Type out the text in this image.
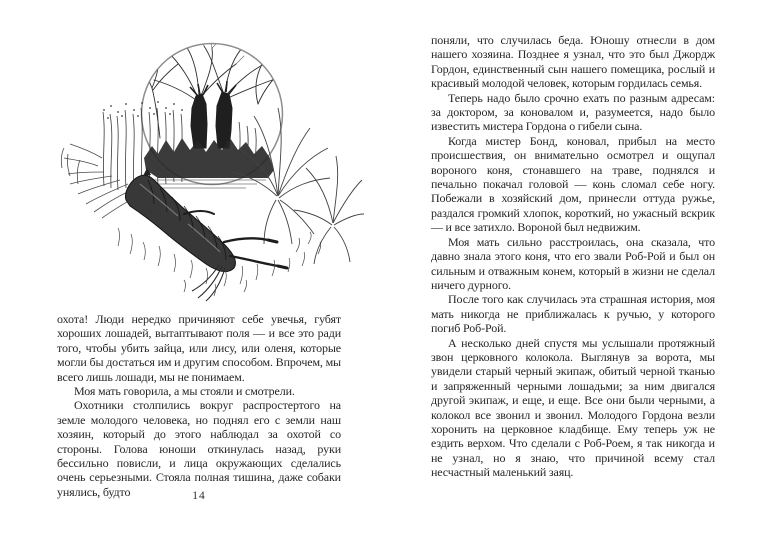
охота! Люди нередко причиняют себе увечья, губят хороших лошадей, вытаптывают поля — и все это ради того, чтобы убить зайца, или лису, или оленя, которые могли бы достаться им и другим способом. Впрочем, мы всего лишь лошади, мы не понимаем.

Моя мать говорила, а мы стояли и смотрели.

Охотники столпились вокруг распростертого на земле молодого человека, но поднял его с земли наш хозяин, который до этого наблюдал за охотой со стороны. Голова юноши откинулась назад, руки бессильно повисли, и лица окружающих сделались очень серьезными. Стояла полная тишина, даже собаки унялись, будто	14

поняли, что случилась беда. Юношу отнесли в дом нашего хозяина. Позднее я узнал, что это был Джордж Гордон, единственный сын нашего помещика, рослый и красивый молодой человек, которым гордилась семья.

Теперь надо было срочно ехать по разным адресам: за доктором, за коновалом и, разумеется, надо было известить мистера Гордона о гибели сына.

Когда мистер Бонд, коновал, прибыл на место происшествия, он внимательно осмотрел и ощупал вороного коня, стонавшего на траве, поднялся и печально покачал головой — конь сломал себе ногу. Побежали в хозяйский дом, принесли оттуда ружье, раздался громкий хлопок, короткий, но ужасный вскрик — и все затихло. Вороной был недвижим.

Моя мать сильно расстроилась, она сказала, что давно знала этого коня, что его звали Роб-Рой и был он сильным и отважным конем, который в жизни не сделал ничего дурного.

После того как случилась эта страшная история, моя мать никогда не приближалась к ручью, у которого погиб Роб-Рой.

А несколько дней спустя мы услышали протяжный звон церковного колокола. Выглянув за ворота, мы увидели старый черный экипаж, обитый черной тканью и запряженный черными лошадьми; за ним двигался другой экипаж, и еще, и еще. Все они были черными, а колокол все звонил и звонил. Молодого Гордона везли хоронить на церковное кладбище. Ему теперь уж не ездить верхом. Что сделали с Роб-Роем, я так никогда и не узнал, но я знаю, что причиной всему стал несчастный маленький заяц.
